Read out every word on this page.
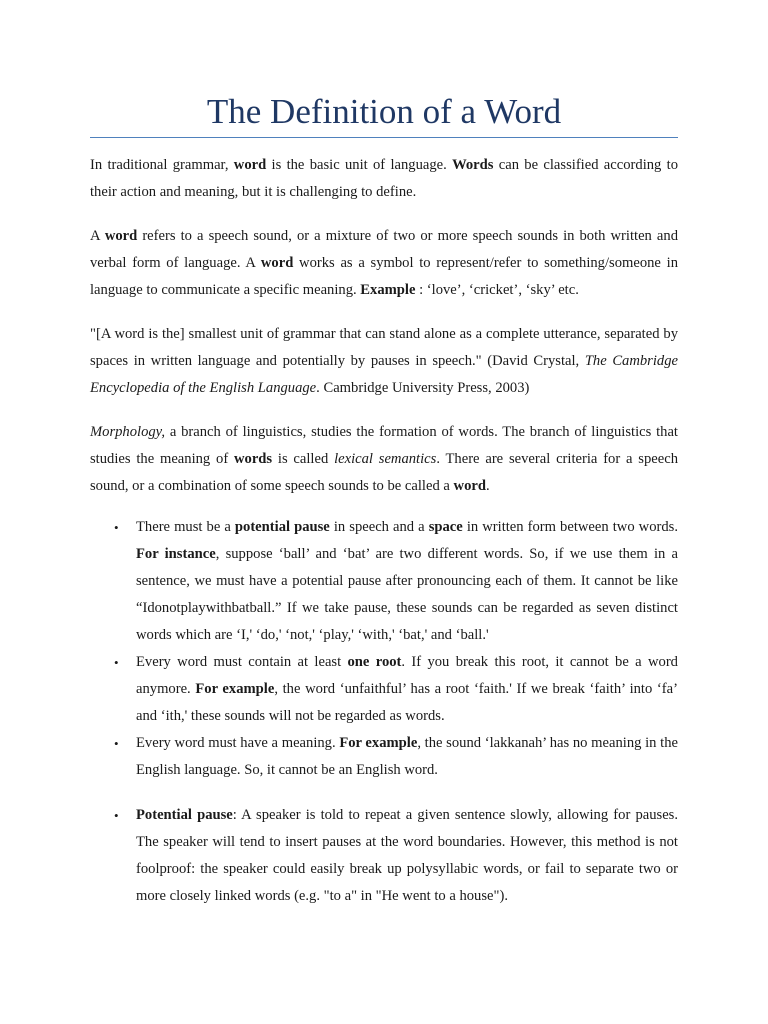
The Definition of a Word

In traditional grammar, word is the basic unit of language. Words can be classified according to their action and meaning, but it is challenging to define.

A word refers to a speech sound, or a mixture of two or more speech sounds in both written and verbal form of language. A word works as a symbol to represent/refer to something/someone in language to communicate a specific meaning. Example : ‘love’, ‘cricket’, ‘sky’ etc.

"[A word is the] smallest unit of grammar that can stand alone as a complete utterance, separated by spaces in written language and potentially by pauses in speech." (David Crystal, The Cambridge Encyclopedia of the English Language. Cambridge University Press, 2003)

Morphology, a branch of linguistics, studies the formation of words. The branch of linguistics that studies the meaning of words is called lexical semantics. There are several criteria for a speech sound, or a combination of some speech sounds to be called a word.

• There must be a potential pause in speech and a space in written form between two words. For instance, suppose ‘ball’ and ‘bat’ are two different words. So, if we use them in a sentence, we must have a potential pause after pronouncing each of them. It cannot be like “Idonotplaywithbatball.” If we take pause, these sounds can be regarded as seven distinct words which are ‘I,' ‘do,' ‘not,' ‘play,' ‘with,' ‘bat,' and ‘ball.'
• Every word must contain at least one root. If you break this root, it cannot be a word anymore. For example, the word ‘unfaithful’ has a root ‘faith.' If we break ‘faith’ into ‘fa’ and ‘ith,' these sounds will not be regarded as words.
• Every word must have a meaning. For example, the sound ‘lakkanah’ has no meaning in the English language. So, it cannot be an English word.
• Potential pause: A speaker is told to repeat a given sentence slowly, allowing for pauses. The speaker will tend to insert pauses at the word boundaries. However, this method is not foolproof: the speaker could easily break up polysyllabic words, or fail to separate two or more closely linked words (e.g. "to a" in "He went to a house").
